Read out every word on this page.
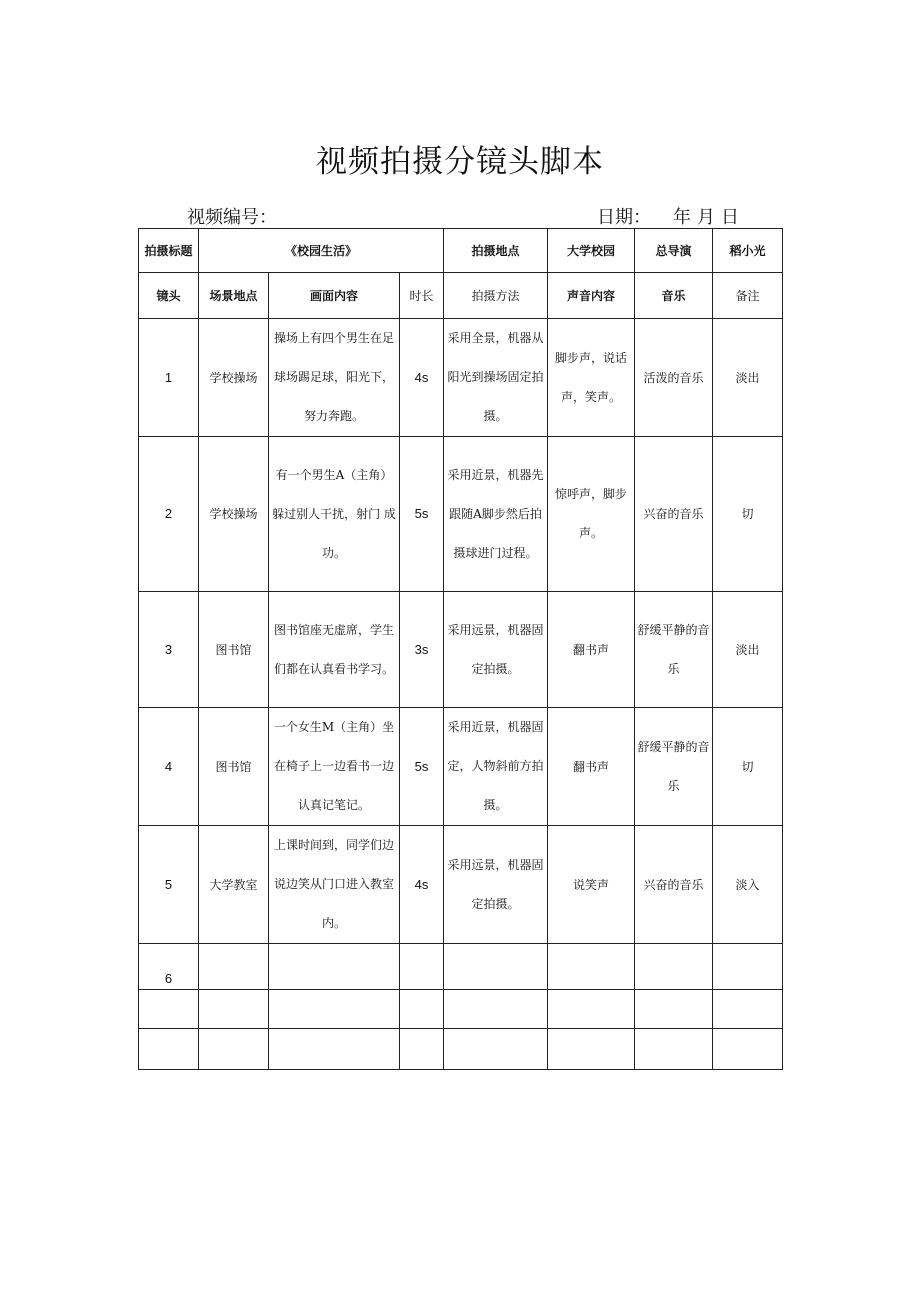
视频拍摄分镜头脚本
视频编号：	日期： 年 月 日
拍摄标题	《校园生活》			拍摄地点	大学校园	总导演	稻小光
镜头	场景地点	画面内容	时长	拍摄方法	声音内容	音乐	备注
1	学校操场	操场上有四个男生在足球场踢足球，阳光下，努力奔跑。	4s	采用全景，机器从阳光到操场固定拍摄。	脚步声，说话声，笑声。	活泼的音乐	淡出
2	学校操场	有一个男生A（主角）躲过别人干扰，射门 成功。	5s	采用近景，机器先跟随A脚步然后拍摄球进门过程。	惊呼声，脚步声。	兴奋的音乐	切
3	图书馆	图书馆座无虚席，学生们都在认真看书学习。	3s	采用远景，机器固定拍摄。	翻书声	舒缓平静的音乐	淡出
4	图书馆	一个女生M（主角）坐在椅子上一边看书一边认真记笔记。	5s	采用近景，机器固定，人物斜前方拍摄。	翻书声	舒缓平静的音乐	切
5	大学教室	上课时间到，同学们边说边笑从门口进入教室内。	4s	采用远景，机器固定拍摄。	说笑声	兴奋的音乐	淡入
6							
